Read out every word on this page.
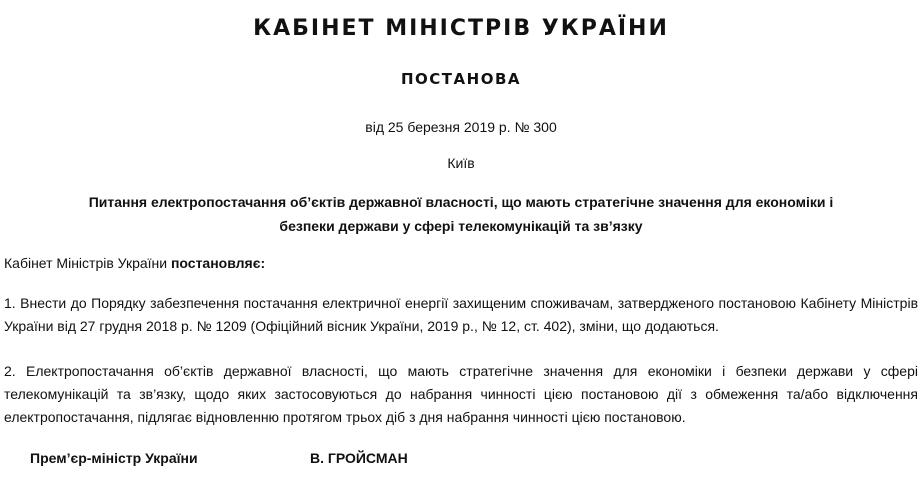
КАБІНЕТ МІНІСТРІВ УКРАЇНИ
ПОСТАНОВА
від 25 березня 2019 р. № 300
Київ
Питання електропостачання об’єктів державної власності, що мають стратегічне значення для економіки і
безпеки держави у сфері телекомунікацій та зв’язку
Кабінет Міністрів України постановляє:
1. Внести до Порядку забезпечення постачання електричної енергії захищеним споживачам, затвердженого постановою Кабінету Міністрів України від 27 грудня 2018 р. № 1209 (Офіційний вісник України, 2019 р., № 12, ст. 402), зміни, що додаються.
2. Електропостачання об’єктів державної власності, що мають стратегічне значення для економіки і безпеки держави у сфері телекомунікацій та зв’язку, щодо яких застосовуються до набрання чинності цією постановою дії з обмеження та/або відключення електропостачання, підлягає відновленню протягом трьох діб з дня набрання чинності цією постановою.
Прем’єр-міністр України	В. ГРОЙСМАН
